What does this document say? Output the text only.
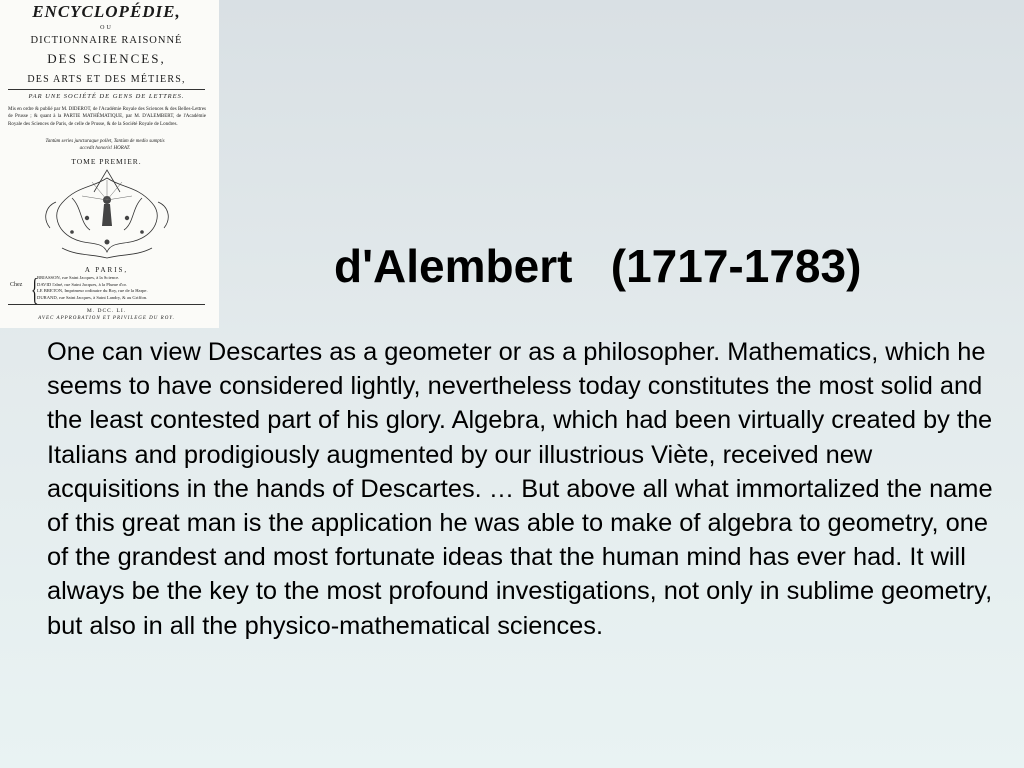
ENCYCLOPÉDIE,
OU
DICTIONNAIRE RAISONNÉ
DES SCIENCES,
DES ARTS ET DES MÉTIERS,
PAR UNE SOCIÉTÉ DE GENS DE LETTRES.
Mis en ordre & publié par M. DIDEROT, de l'Académie Royale des Sciences & des Belles-Lettres de Prusse ; & quant à la PARTIE MATHÉMATIQUE, par M. D'ALEMBERT, de l'Académie Royale des Sciences de Paris, de celle de Prusse, & de la Société Royale de Londres.
Tantùm series juncturaque pollet, Tantùm de medio sumptis accedit honoris! HORAT.
TOME PREMIER.
A PARIS,
Chez {
BRIASSON, rue Saint Jacques, à la Science.
DAVID l'aîné, rue Saint Jacques, à la Plume d'or.
LE BRETON, Imprimeur ordinaire du Roy, rue de la Harpe.
DURAND, rue Saint Jacques, à Saint Landry, & au Griffon.
M. DCC. LI.
AVEC APPROBATION ET PRIVILEGE DU ROY.
d'Alembert   (1717-1783)

One can view Descartes as a geometer or as a philosopher. Mathematics, which he seems to have considered lightly, nevertheless today constitutes the most solid and the least contested part of his glory. Algebra, which had been virtually created by the Italians and prodigiously augmented by our illustrious Viète, received new acquisitions in the hands of Descartes. … But above all what immortalized the name of this great man is the application he was able to make of algebra to geometry, one of the grandest and most fortunate ideas that the human mind has ever had. It will always be the key to the most profound investigations, not only in sublime geometry, but also in all the physico-mathematical sciences.
